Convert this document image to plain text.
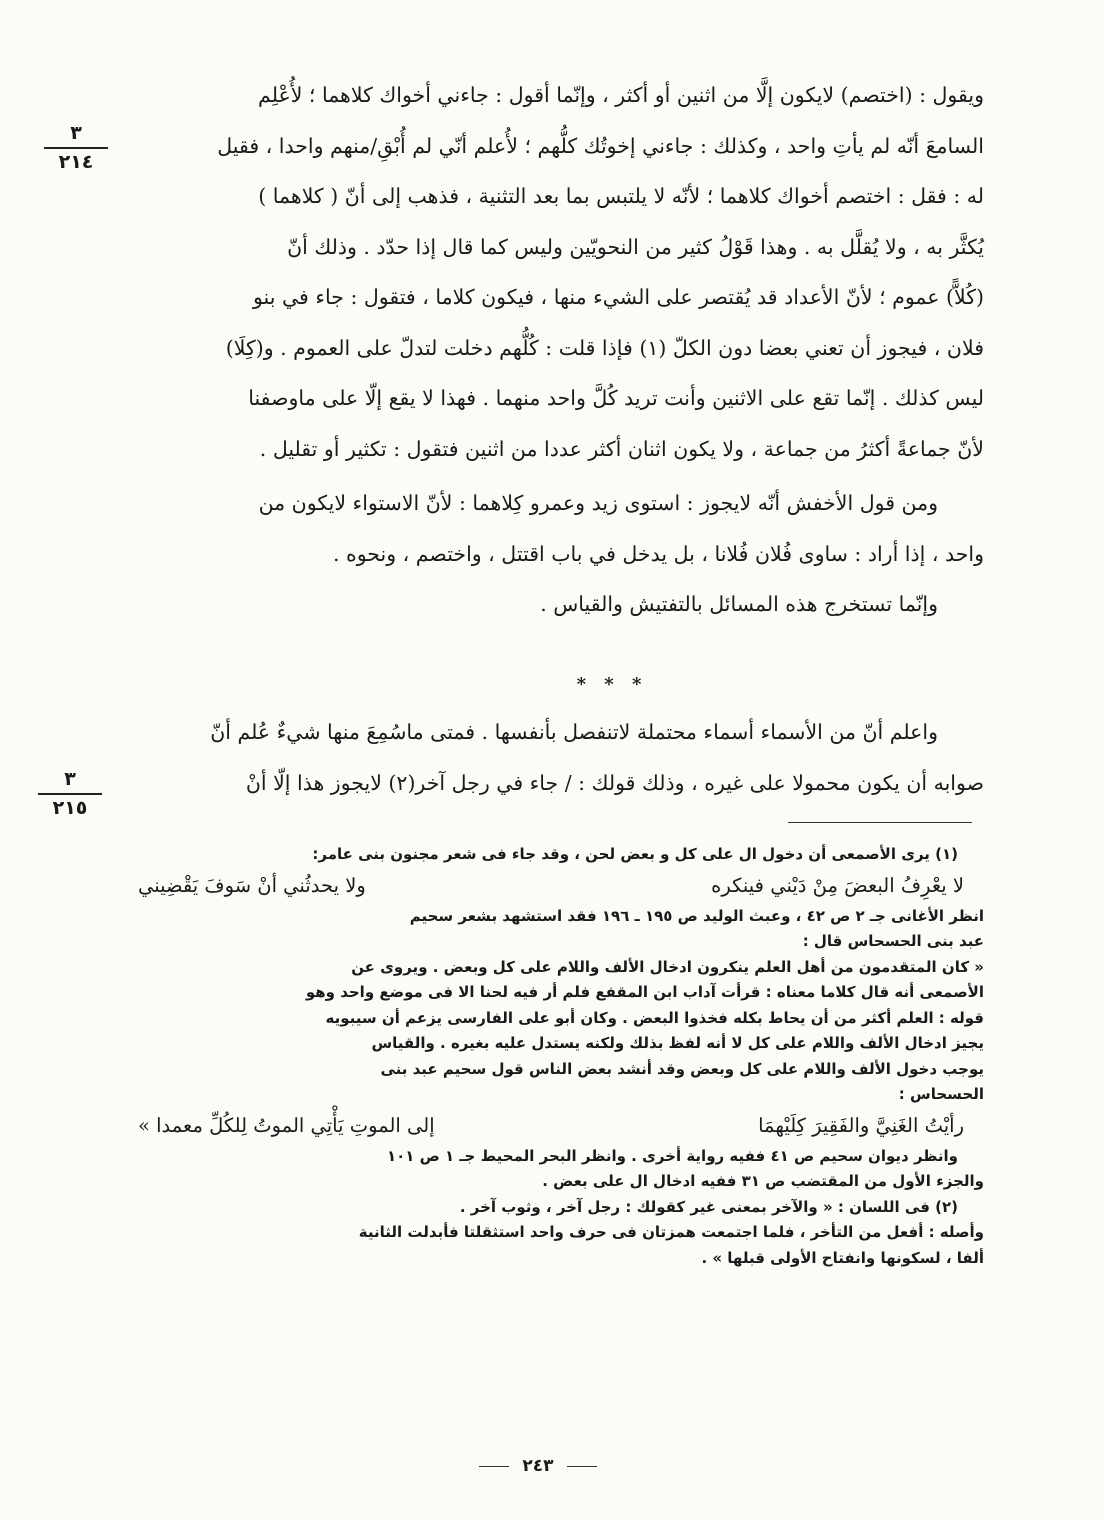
ويقول : (اختصم) لايكون إلَّا من اثنين أو أكثر ، وإنّما أقول : جاءني أخواك كلاهما ؛ لأُعْلِم

السامعَ أنّه لم يأتِ واحد ، وكذلك : جاءني إخوتُك كلُّهم ؛ لأُعلم أنّي لم أُبْقِ/منهم واحدا ، فقيل

له : فقل : اختصم أخواك كلاهما ؛ لأنّه لا يلتبس بما بعد التثنية ، فذهب إلى أنّ ( كلاهما )

يُكثَّر به ، ولا يُقلَّل به . وهذا قَوْلُ كثير من النحويّين وليس كما قال إذا حدّد . وذلك أنّ

(كُلاًّ) عموم ؛ لأنّ الأعداد قد يُقتصر على الشيء منها ، فيكون كلاما ، فتقول : جاء في بنو

فلان ، فيجوز أن تعني بعضا دون الكلّ (١) فإذا قلت : كُلُّهم دخلت لتدلّ على العموم . و(كِلَا)

ليس كذلك . إنّما تقع على الاثنين وأنت تريد كُلَّ واحد منهما . فهذا لا يقع إلّا على ماوصفنا

لأنّ جماعةً أكثرُ من جماعة ، ولا يكون اثنان أكثر عددا من اثنين فتقول : تكثير أو تقليل .

ومن قول الأخفش أنّه لايجوز : استوى زيد وعمرو كِلاهما : لأنّ الاستواء لايكون من

واحد ، إذا أراد : ساوى فُلان فُلانا ، بل يدخل في باب اقتتل ، واختصم ، ونحوه .

وإنّما تستخرج هذه المسائل بالتفتيش والقياس .

* * *

واعلم أنّ من الأسماء أسماء محتملة لاتنفصل بأنفسها . فمتى ماسُمِعَ منها شيءٌ عُلم أنّ

صوابه أن يكون محمولا على غيره ، وذلك قولك : / جاء في رجل آخر(٢) لايجوز هذا إلّا أنْ

٣
٢١٤
٣
٢١٥

(١) يرى الأصمعى أن دخول ال على كل و بعض لحن ، وقد جاء فى شعر مجنون بنى عامر:

لا يعْرِفُ البعضَ مِنْ دَيْني فينكره
ولا يحدثُني أنْ سَوفَ يَقْضِيني

انظر الأغانى جـ ٢ ص ٤٢ ، وعبث الوليد ص ١٩٥ ـ ١٩٦ فقد استشهد بشعر سحيم

عبد بنى الحسحاس قال :

« كان المتقدمون من أهل العلم ينكرون ادخال الألف واللام على كل وبعض . ويروى عن

الأصمعى أنه قال كلاما معناه : قرأت آداب ابن المقفع فلم أر فيه لحنا الا فى موضع واحد وهو

قوله : العلم أكثر من أن يحاط بكله فخذوا البعض . وكان أبو على الفارسى يزعم أن سيبويه

يجيز ادخال الألف واللام على كل لا أنه لفظ بذلك ولكنه يستدل عليه بغيره . والقياس

يوجب دخول الألف واللام على كل وبعض وقد أنشد بعض الناس قول سحيم عبد بنى

الحسحاس :

رأيْتُ الغَنِيَّ والفَقِيرَ كِلَيْهمَا
إلى الموتِ يَأْتِي الموتُ لِلكُلِّ معمدا »

وانظر ديوان سحيم ص ٤١ ففيه رواية أخرى . وانظر البحر المحيط جـ ١ ص ١٠١

والجزء الأول من المقتضب ص ٣١ ففيه ادخال ال على بعض .

(٢) فى اللسان : « والآخر بمعنى غير كقولك : رجل آخر ، وثوب آخر .

وأصله : أفعل من التأخر ، فلما اجتمعت همزتان فى حرف واحد استثقلتا فأبدلت الثانية

ألفا ، لسكونها وانفتاح الأولى قبلها » .

٢٤٣
